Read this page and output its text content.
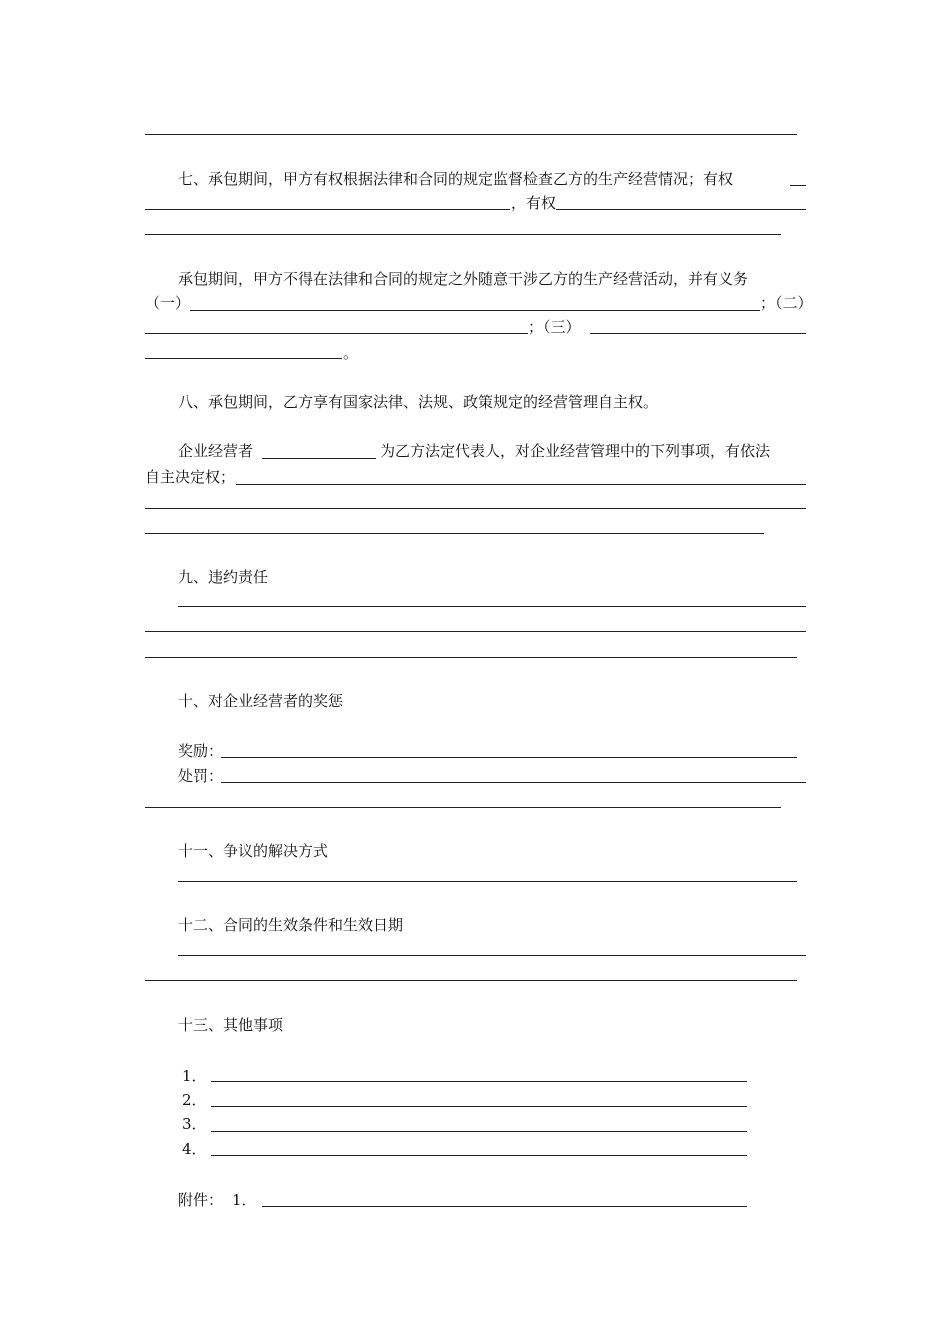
七、承包期间，甲方有权根据法律和合同的规定监督检查乙方的生产经营情况；有权
，有权
承包期间，甲方不得在法律和合同的规定之外随意干涉乙方的生产经营活动，并有义务
（一）	；（二）
；（三）
。
八、承包期间，乙方享有国家法律、法规、政策规定的经营管理自主权。
企业经营者	为乙方法定代表人，对企业经营管理中的下列事项，有依法
自主决定权；
九、违约责任
十、对企业经营者的奖惩
奖励：
处罚：
十一、争议的解决方式
十二、合同的生效条件和生效日期
十三、其他事项
1．
2．
3．
4．
附件： 1．
